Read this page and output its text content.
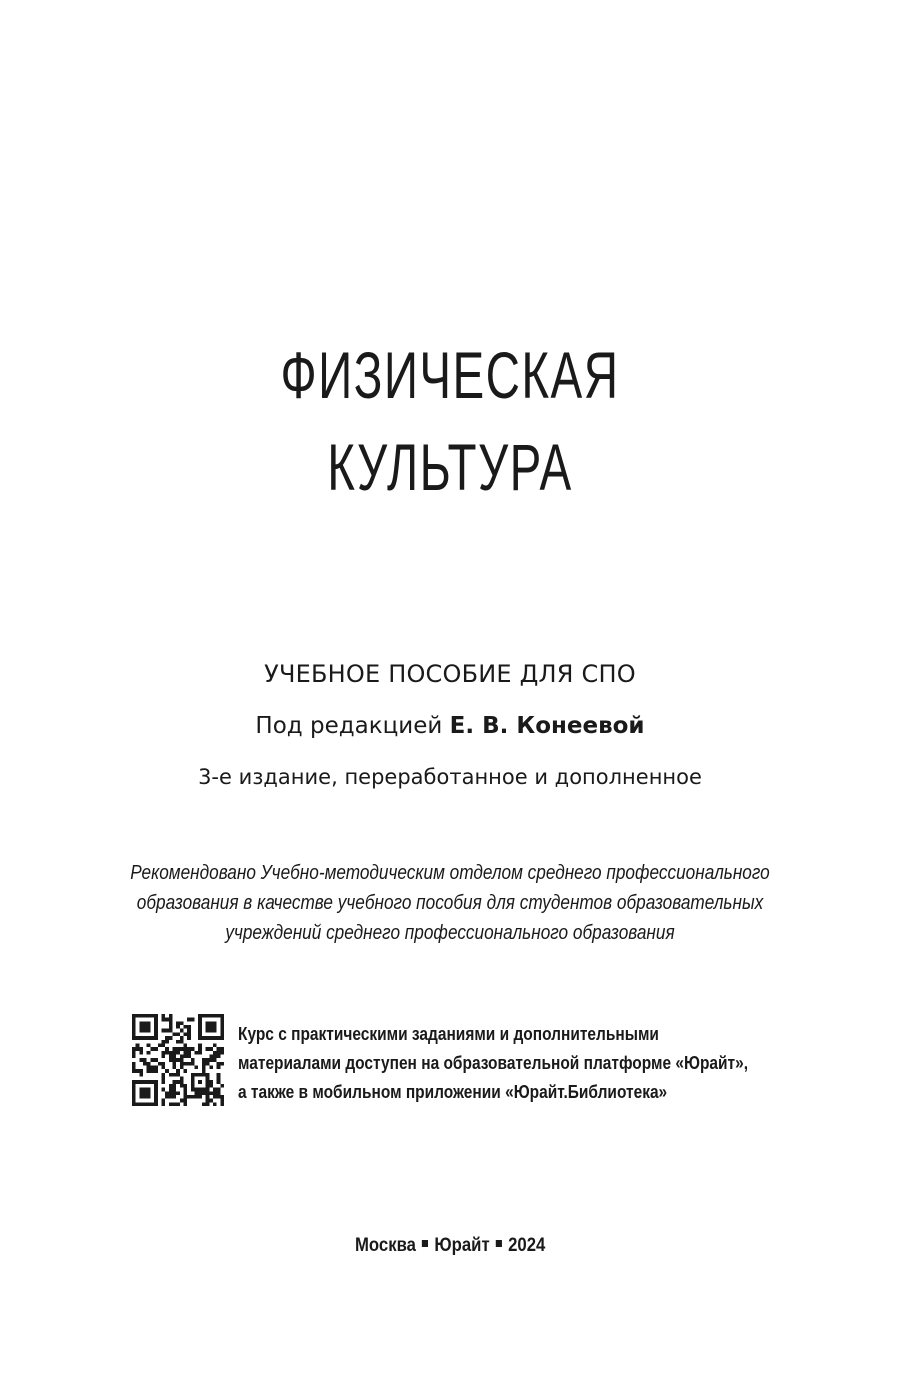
ФИЗИЧЕСКАЯ
КУЛЬТУРА
УЧЕБНОЕ ПОСОБИЕ ДЛЯ СПО
Под редакцией Е. В. Конеевой
3-е издание, переработанное и дополненное
Рекомендовано Учебно-методическим отделом среднего профессионального
образования в качестве учебного пособия для студентов образовательных
учреждений среднего профессионального образования
Курс с практическими заданиями и дополнительными
материалами доступен на образовательной платформе «Юрайт»,
а также в мобильном приложении «Юрайт.Библиотека»
Москва Юрайт 2024
